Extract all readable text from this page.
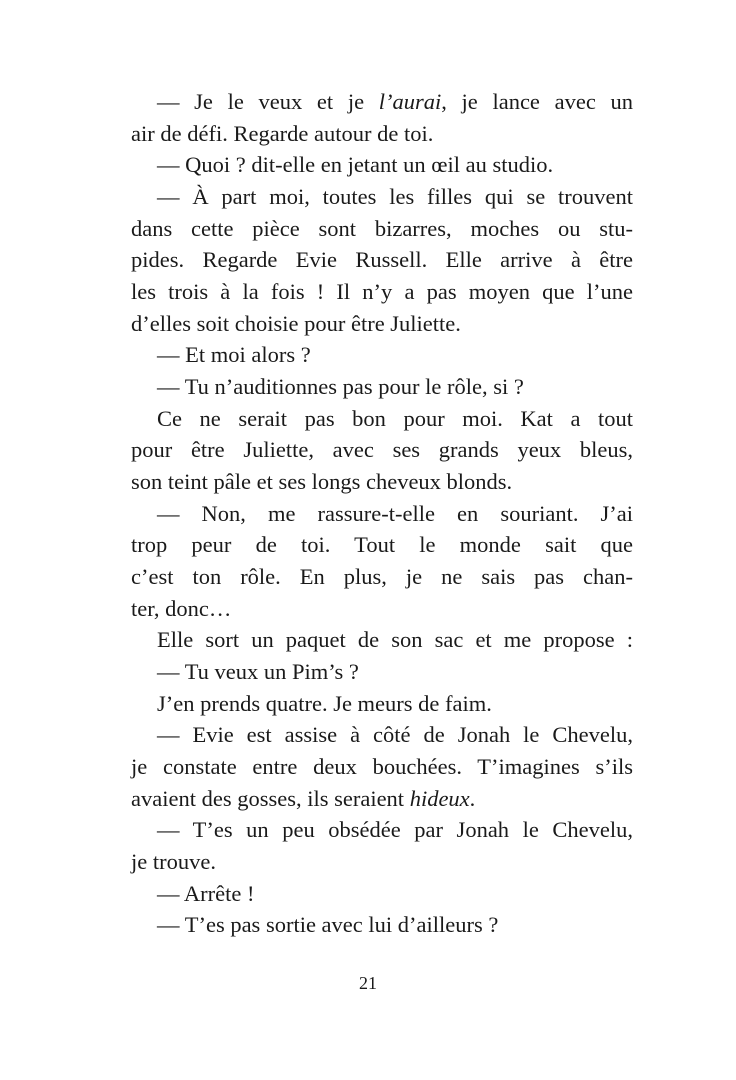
— Je le veux et je l’aurai, je lance avec un
air de défi. Regarde autour de toi.
— Quoi ? dit-elle en jetant un œil au studio.
— À part moi, toutes les filles qui se trouvent
dans cette pièce sont bizarres, moches ou stu-
pides. Regarde Evie Russell. Elle arrive à être
les trois à la fois ! Il n’y a pas moyen que l’une
d’elles soit choisie pour être Juliette.
— Et moi alors ?
— Tu n’auditionnes pas pour le rôle, si ?
Ce ne serait pas bon pour moi. Kat a tout
pour être Juliette, avec ses grands yeux bleus,
son teint pâle et ses longs cheveux blonds.
— Non, me rassure-t-elle en souriant. J’ai
trop peur de toi. Tout le monde sait que
c’est ton rôle. En plus, je ne sais pas chan-
ter, donc…
Elle sort un paquet de son sac et me propose :
— Tu veux un Pim’s ?
J’en prends quatre. Je meurs de faim.
— Evie est assise à côté de Jonah le Chevelu,
je constate entre deux bouchées. T’imagines s’ils
avaient des gosses, ils seraient hideux.
— T’es un peu obsédée par Jonah le Chevelu,
je trouve.
— Arrête !
— T’es pas sortie avec lui d’ailleurs ?
21
